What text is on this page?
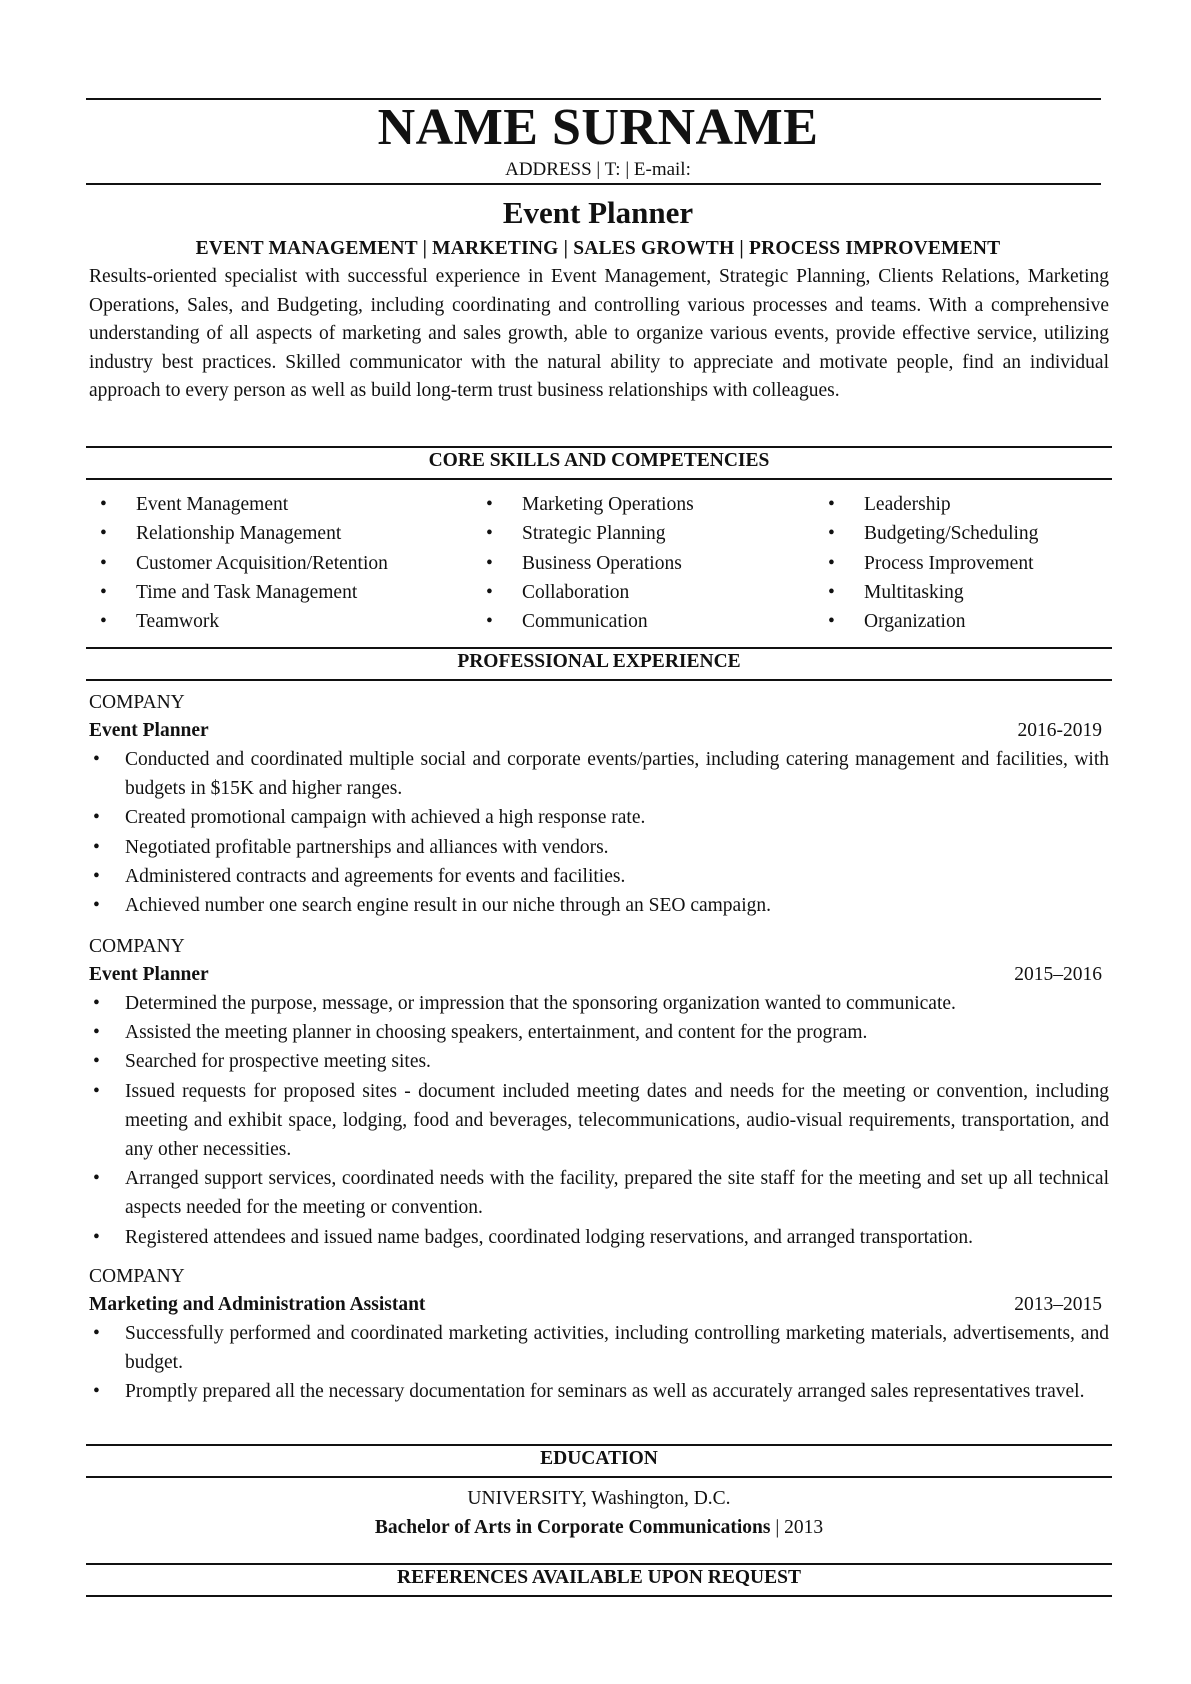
NAME SURNAME
ADDRESS | T: | E-mail:
Event Planner
EVENT MANAGEMENT | MARKETING | SALES GROWTH | PROCESS IMPROVEMENT
Results-oriented specialist with successful experience in Event Management, Strategic Planning, Clients Relations, Marketing Operations, Sales, and Budgeting, including coordinating and controlling various processes and teams. With a comprehensive understanding of all aspects of marketing and sales growth, able to organize various events, provide effective service, utilizing industry best practices. Skilled communicator with the natural ability to appreciate and motivate people, find an individual approach to every person as well as build long-term trust business relationships with colleagues.
CORE SKILLS AND COMPETENCIES
• Event Management
• Relationship Management
• Customer Acquisition/Retention
• Time and Task Management
• Teamwork
• Marketing Operations
• Strategic Planning
• Business Operations
• Collaboration
• Communication
• Leadership
• Budgeting/Scheduling
• Process Improvement
• Multitasking
• Organization
PROFESSIONAL EXPERIENCE
COMPANY
Event Planner	2016-2019
• Conducted and coordinated multiple social and corporate events/parties, including catering management and facilities, with budgets in $15K and higher ranges.
• Created promotional campaign with achieved a high response rate.
• Negotiated profitable partnerships and alliances with vendors.
• Administered contracts and agreements for events and facilities.
• Achieved number one search engine result in our niche through an SEO campaign.
COMPANY
Event Planner	2015–2016
• Determined the purpose, message, or impression that the sponsoring organization wanted to communicate.
• Assisted the meeting planner in choosing speakers, entertainment, and content for the program.
• Searched for prospective meeting sites.
• Issued requests for proposed sites - document included meeting dates and needs for the meeting or convention, including meeting and exhibit space, lodging, food and beverages, telecommunications, audio-visual requirements, transportation, and any other necessities.
• Arranged support services, coordinated needs with the facility, prepared the site staff for the meeting and set up all technical aspects needed for the meeting or convention.
• Registered attendees and issued name badges, coordinated lodging reservations, and arranged transportation.
COMPANY
Marketing and Administration Assistant	2013–2015
• Successfully performed and coordinated marketing activities, including controlling marketing materials, advertisements, and budget.
• Promptly prepared all the necessary documentation for seminars as well as accurately arranged sales representatives travel.
EDUCATION
UNIVERSITY, Washington, D.C.
Bachelor of Arts in Corporate Communications | 2013
REFERENCES AVAILABLE UPON REQUEST
